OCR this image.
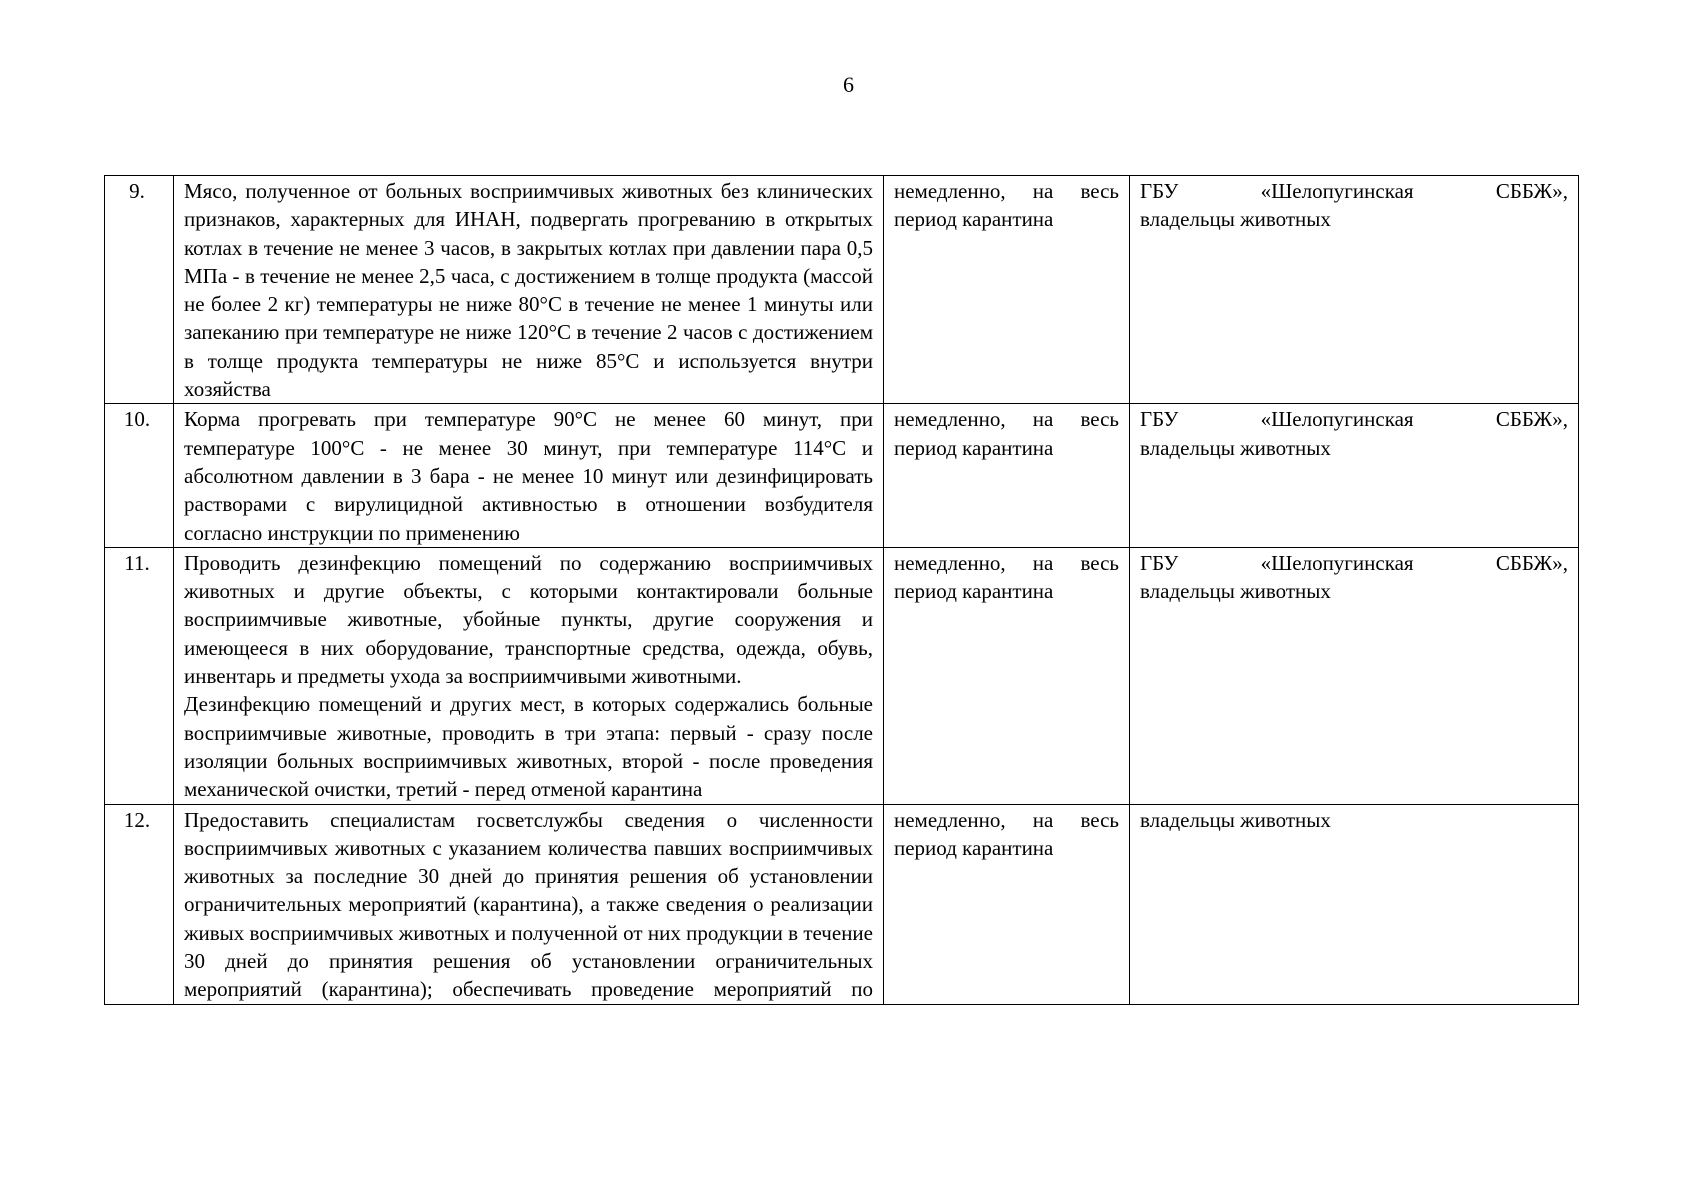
6
9.	Мясо, полученное от больных восприимчивых животных без клинических признаков, характерных для ИНАН, подвергать прогреванию в открытых котлах в течение не менее 3 часов, в закрытых котлах при давлении пара 0,5 МПа - в течение не менее 2,5 часа, с достижением в толще продукта (массой не более 2 кг) температуры не ниже 80°С в течение не менее 1 минуты или запеканию при температуре не ниже 120°С в течение 2 часов с достижением в толще продукта температуры не ниже 85°С и используется внутри хозяйства	немедленно, на весь период карантина	ГБУ «Шелопугинская СББЖ»,
владельцы животных

10.	Корма прогревать при температуре 90°С не менее 60 минут, при температуре 100°С - не менее 30 минут, при температуре 114°С и абсолютном давлении в 3 бара - не менее 10 минут или дезинфицировать растворами с вирулицидной активностью в отношении возбудителя согласно инструкции по применению	немедленно, на весь период карантина	ГБУ «Шелопугинская СББЖ»,
владельцы животных

11.	Проводить дезинфекцию помещений по содержанию восприимчивых животных и другие объекты, с которыми контактировали больные восприимчивые животные, убойные пункты, другие сооружения и имеющееся в них оборудование, транспортные средства, одежда, обувь, инвентарь и предметы ухода за восприимчивыми животными.
Дезинфекцию помещений и других мест, в которых содержались больные восприимчивые животные, проводить в три этапа: первый - сразу после изоляции больных восприимчивых животных, второй - после проведения механической очистки, третий - перед отменой карантина	немедленно, на весь период карантина	ГБУ «Шелопугинская СББЖ»,
владельцы животных

12.	Предоставить специалистам госветслужбы сведения о численности восприимчивых животных с указанием количества павших восприимчивых животных за последние 30 дней до принятия решения об установлении ограничительных мероприятий (карантина), а также сведения о реализации живых восприимчивых животных и полученной от них продукции в течение 30 дней до принятия решения об установлении ограничительных мероприятий (карантина); обеспечивать проведение мероприятий по	немедленно, на весь период карантина	владельцы животных
